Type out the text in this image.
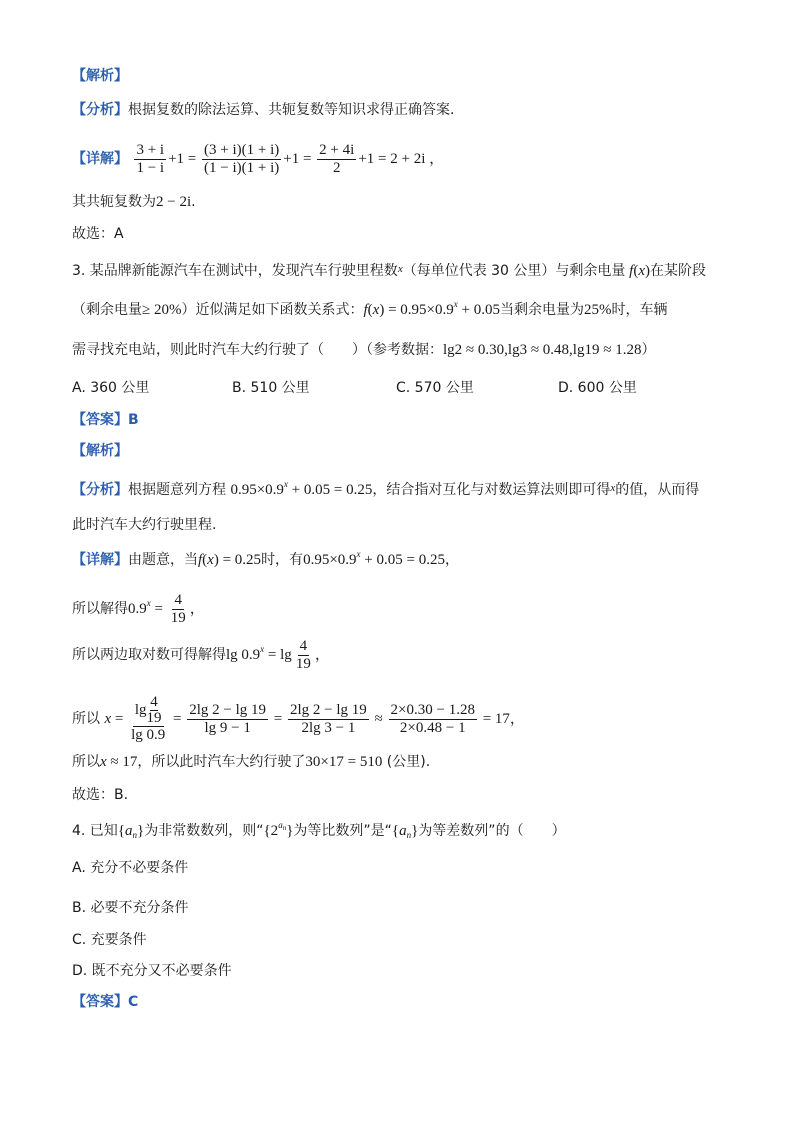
【解析】
【分析】根据复数的除法运算、共轭复数等知识求得正确答案.
【详解】 $\frac{3 + i}{1 - i} +1 = \frac{(3 + i)(1 + i)}{(1 - i)(1 + i)} +1 = \frac{2 + 4i}{2} +1 = 2 + 2i$ ，
其共轭复数为2 − 2i.
故选：A
3. 某品牌新能源汽车在测试中，发现汽车行驶里程数$^x$（每单位代表 30 公里）与剩余电量 f(x)在某阶段
（剩余电量≥ 20%）近似满足如下函数关系式：$f(x) = 0.95\times 0.9^x + 0.05$当剩余电量为25%时，车辆
需寻找充电站，则此时汽车大约行驶了（　　）（参考数据：lg2 ≈ 0.30,lg3 ≈ 0.48,lg19 ≈ 1.28）
A. 360 公里	B. 510 公里	C. 570 公里	D. 600 公里
【答案】B
【解析】
【分析】根据题意列方程 $0.95\times 0.9^x + 0.05 = 0.25$，结合指对互化与对数运算法则即可得$^x$的值，从而得
此时汽车大约行驶里程.
【详解】由题意，当f(x) = 0.25时，有$0.95\times 0.9^x + 0.05 = 0.25$，
所以解得$0.9^x = \frac{4}{19}$ ，
所以两边取对数可得解得$\lg 0.9^x = \lg \frac{4}{19}$ ，
所以 $x = \frac{\lg \frac{4}{19}}{\lg 0.9} = \frac{2\lg 2 - \lg 19}{\lg 9 - 1} = \frac{2\lg 2 - \lg 19}{2\lg 3 - 1} \approx \frac{2\times 0.30 - 1.28}{2\times 0.48 - 1} = 17$，
所以x ≈ 17，所以此时汽车大约行驶了30×17 = 510 (公里).
故选：B.
4. 已知$\{a_n\}$为非常数数列，则“$\{2^{a_n}\}$为等比数列”是“$\{a_n\}$为等差数列”的（　　）
A. 充分不必要条件
B. 必要不充分条件
C. 充要条件
D. 既不充分又不必要条件
【答案】C
